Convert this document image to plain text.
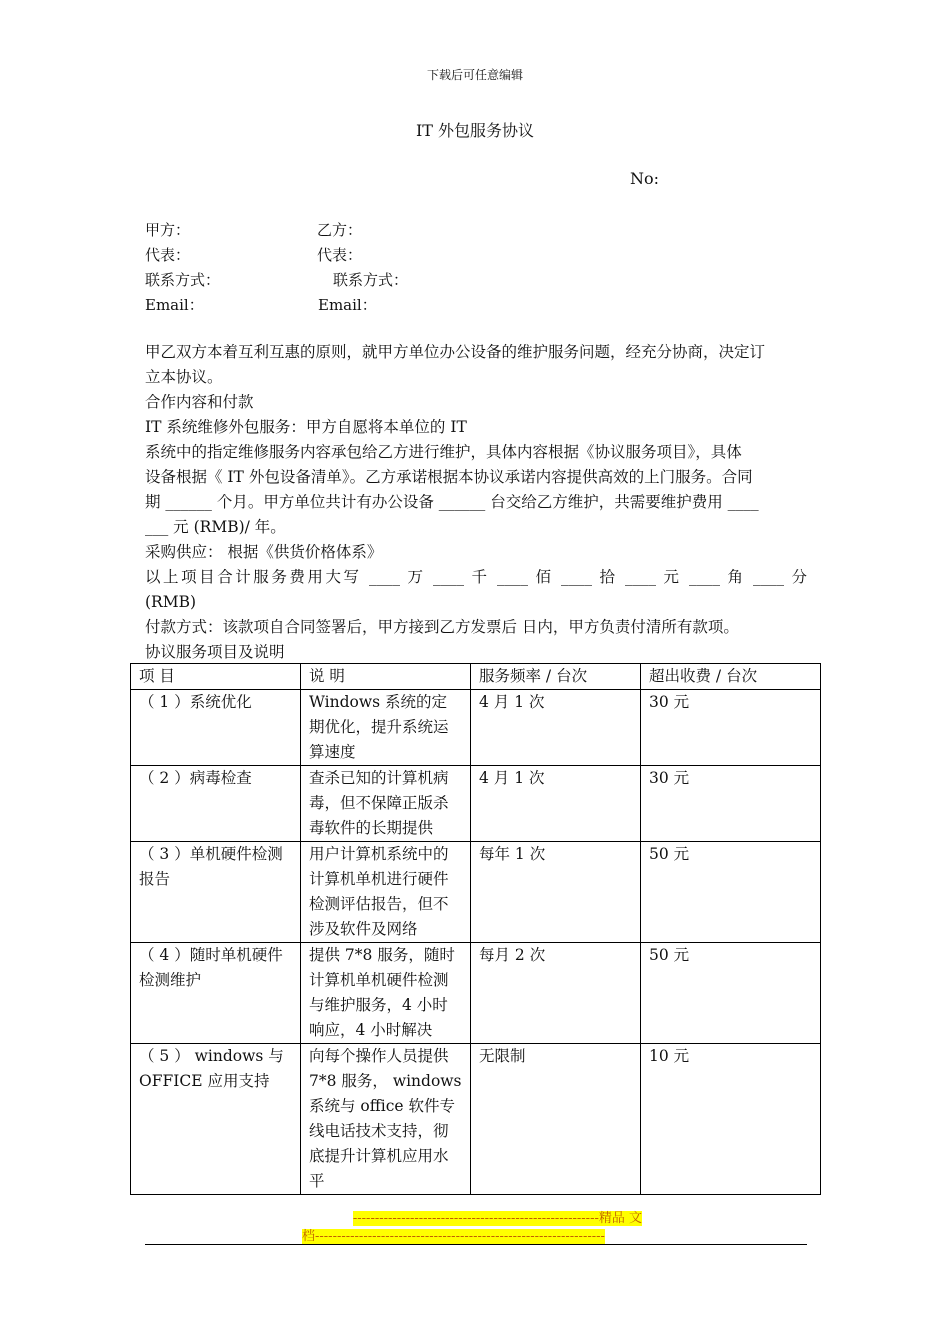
下载后可任意编辑
IT 外包服务协议
No:
甲方：	乙方：
代表：	代表：
联系方式：	联系方式：
Email：	Email：
甲乙双方本着互利互惠的原则，就甲方单位办公设备的维护服务问题，经充分协商，决定订
立本协议。
合作内容和付款
IT 系统维修外包服务：甲方自愿将本单位的 IT
系统中的指定维修服务内容承包给乙方进行维护，具体内容根据《协议服务项目》，具体
设备根据《 IT 外包设备清单》。乙方承诺根据本协议承诺内容提供高效的上门服务。合同
期 ______ 个月。甲方单位共计有办公设备 ______ 台交给乙方维护，共需要维护费用 ____
___ 元 (RMB)/ 年。
采购供应： 根据《供货价格体系》
以上项目合计服务费用大写 ____ 万 ____ 千 ____ 佰 ____ 拾 ____ 元 ____ 角 ____ 分
(RMB)
付款方式：该款项自合同签署后，甲方接到乙方发票后 日内，甲方负责付清所有款项。
协议服务项目及说明
项 目	说 明	服务频率 / 台次	超出收费 / 台次
（ 1 ）系统优化	Windows 系统的定期优化，提升系统运算速度	4 月 1 次	30 元
（ 2 ）病毒检查	查杀已知的计算机病毒，但不保障正版杀毒软件的长期提供	4 月 1 次	30 元
（ 3 ）单机硬件检测报告	用户计算机系统中的计算机单机进行硬件检测评估报告，但不涉及软件及网络	每年 1 次	50 元
（ 4 ）随时单机硬件检测维护	提供 7*8 服务，随时计算机单机硬件检测与维护服务，4 小时响应，4 小时解决	每月 2 次	50 元
（ 5 ） windows 与 OFFICE 应用支持	向每个操作人员提供 7*8 服务， windows 系统与 office 软件专线电话技术支持，彻底提升计算机应用水平	无限制	10 元
--------------------------------------------------------精品 文
档------------------------------------------------------------------
